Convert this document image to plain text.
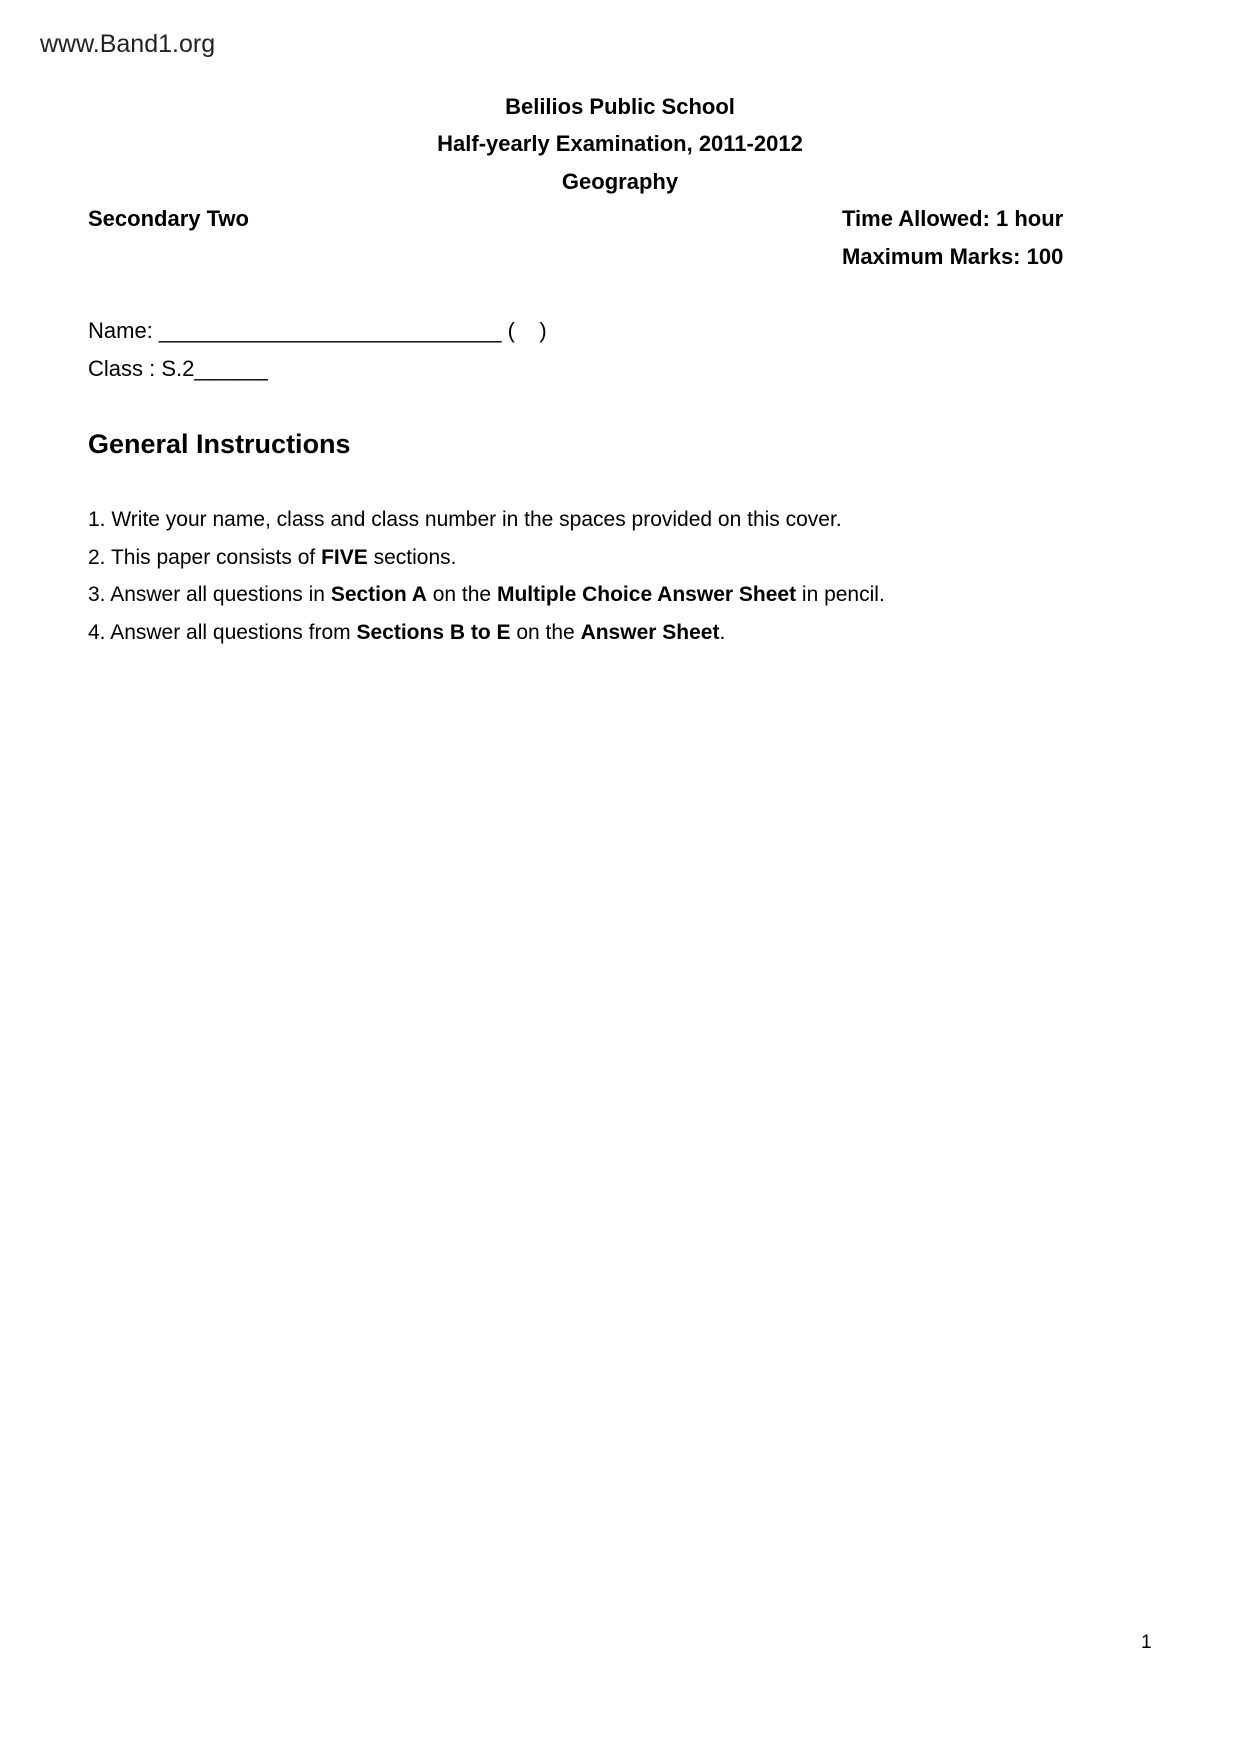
www.Band1.org
Belilios Public School
Half-yearly Examination, 2011-2012
Geography
Secondary Two	Time Allowed: 1 hour
Maximum Marks: 100
Name: ____________________________ (    )
Class : S.2______
General Instructions
1. Write your name, class and class number in the spaces provided on this cover.
2. This paper consists of FIVE sections.
3. Answer all questions in Section A on the Multiple Choice Answer Sheet in pencil.
4. Answer all questions from Sections B to E on the Answer Sheet.
1
